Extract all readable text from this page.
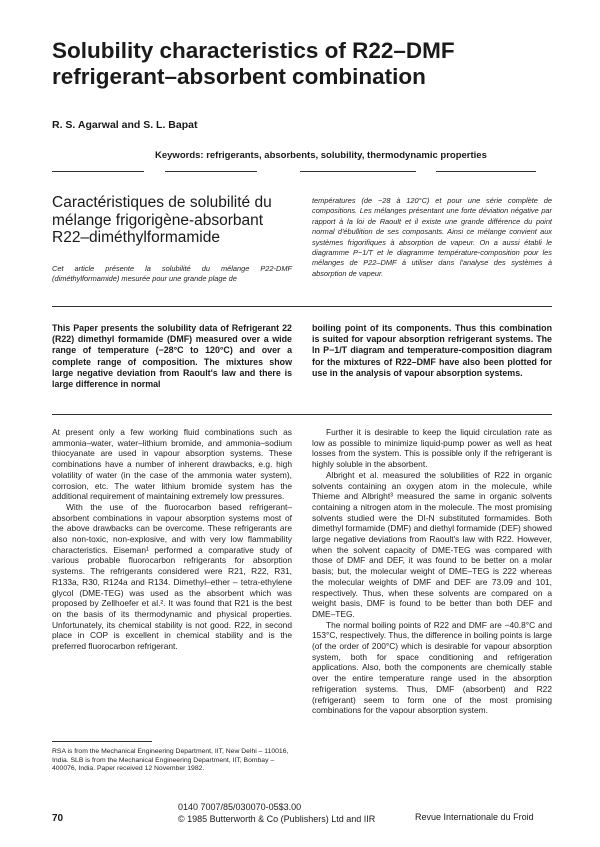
Solubility characteristics of R22–DMF refrigerant–absorbent combination
R. S. Agarwal and S. L. Bapat
Keywords: refrigerants, absorbents, solubility, thermodynamic properties
Caractéristiques de solubilité du mélange frigorigène-absorbant R22–diméthylformamide
Cet article présente la solubilité du mélange P22-DMF (diméthylformamide) mesurée pour une grande plage de
températures (de −28 à 120°C) et pour une série complète de compositions. Les mélanges présentant une forte déviation négative par rapport à la loi de Raoult et il existe une grande différence du point normal d'ébullition de ses composants. Ainsi ce mélange convient aux systèmes frigorifiques à absorption de vapeur. On a aussi établi le diagramme P−1/T et le diagramme température-composition pour les mélanges de P22–DMF à utiliser dans l'analyse des systèmes à absorption de vapeur.
This Paper presents the solubility data of Refrigerant 22 (R22) dimethyl formamide (DMF) measured over a wide range of temperature (−28°C to 120°C) and over a complete range of composition. The mixtures show large negative deviation from Raoult's law and there is large difference in normal
boiling point of its components. Thus this combination is suited for vapour absorption refrigerant systems. The ln P−1/T diagram and temperature-composition diagram for the mixtures of R22–DMF have also been plotted for use in the analysis of vapour absorption systems.

At present only a few working fluid combinations such as ammonia–water, water–lithium bromide, and ammonia–sodium thiocyanate are used in vapour absorption systems. These combinations have a number of inherent drawbacks, e.g. high volatility of water (in the case of the ammonia water system), corrosion, etc. The water lithium bromide system has the additional requirement of maintaining extremely low pressures.

With the use of the fluorocarbon based refrigerant–absorbent combinations in vapour absorption systems most of the above drawbacks can be overcome. These refrigerants are also non-toxic, non-explosive, and with very low flammability characteristics. Eiseman¹ performed a comparative study of various probable fluorocarbon refrigerants for absorption systems. The refrigerants considered were R21, R22, R31, R133a, R30, R124a and R134. Dimethyl–ether – tetra-ethylene glycol (DME-TEG) was used as the absorbent which was proposed by Zellhoefer et al.². It was found that R21 is the best on the basis of its thermodynamic and physical properties. Unfortunately, its chemical stability is not good. R22, in second place in COP is excellent in chemical stability and is the preferred fluorocarbon refrigerant.

Further it is desirable to keep the liquid circulation rate as low as possible to minimize liquid-pump power as well as heat losses from the system. This is possible only if the refrigerant is highly soluble in the absorbent.

Albright et al. measured the solubilities of R22 in organic solvents containing an oxygen atom in the molecule, while Thieme and Albright³ measured the same in organic solvents containing a nitrogen atom in the molecule. The most promising solvents studied were the DI-N substituted formamides. Both dimethyl formamide (DMF) and diethyl formamide (DEF) showed large negative deviations from Raoult's law with R22. However, when the solvent capacity of DME-TEG was compared with those of DMF and DEF, it was found to be better on a molar basis; but, the molecular weight of DME–TEG is 222 whereas the molecular weights of DMF and DEF are 73.09 and 101, respectively. Thus, when these solvents are compared on a weight basis, DMF is found to be better than both DEF and DME–TEG.

The normal boiling points of R22 and DMF are −40.8°C and 153°C, respectively. Thus, the difference in boiling points is large (of the order of 200°C) which is desirable for vapour absorption system, both for space conditioning and refrigeration applications. Also, both the components are chemically stable over the entire temperature range used in the absorption refrigeration systems. Thus, DMF (absorbent) and R22 (refrigerant) seem to form one of the most promising combinations for the vapour absorption system.

RSA is from the Mechanical Engineering Department, IIT, New Delhi – 110016, India. SLB is from the Mechanical Engineering Department, IIT, Bombay – 400076, India. Paper received 12 November 1982.
70
0140 7007/85/030070-05$3.00
© 1985 Butterworth & Co (Publishers) Ltd and IIR	Revue Internationale du Froid
